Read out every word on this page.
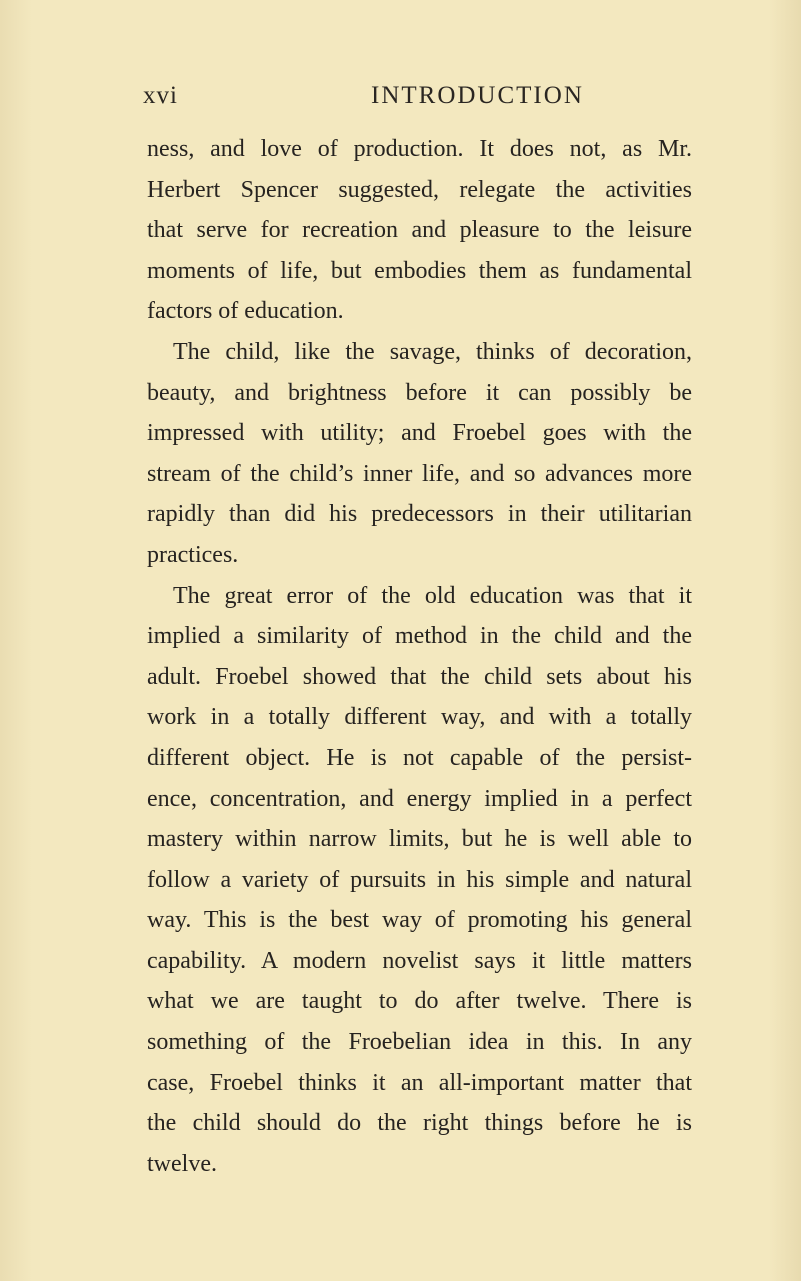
xvi	INTRODUCTION
ness, and love of production. It does not, as Mr.
Herbert Spencer suggested, relegate the activities
that serve for recreation and pleasure to the leisure
moments of life, but embodies them as fundamental
factors of education.
The child, like the savage, thinks of decoration,
beauty, and brightness before it can possibly be
impressed with utility; and Froebel goes with the
stream of the child’s inner life, and so advances more
rapidly than did his predecessors in their utilitarian
practices.
The great error of the old education was that it
implied a similarity of method in the child and the
adult. Froebel showed that the child sets about his
work in a totally different way, and with a totally
different object. He is not capable of the persist-
ence, concentration, and energy implied in a perfect
mastery within narrow limits, but he is well able to
follow a variety of pursuits in his simple and natural
way. This is the best way of promoting his general
capability. A modern novelist says it little matters
what we are taught to do after twelve. There is
something of the Froebelian idea in this. In any
case, Froebel thinks it an all-important matter that
the child should do the right things before he is
twelve.
